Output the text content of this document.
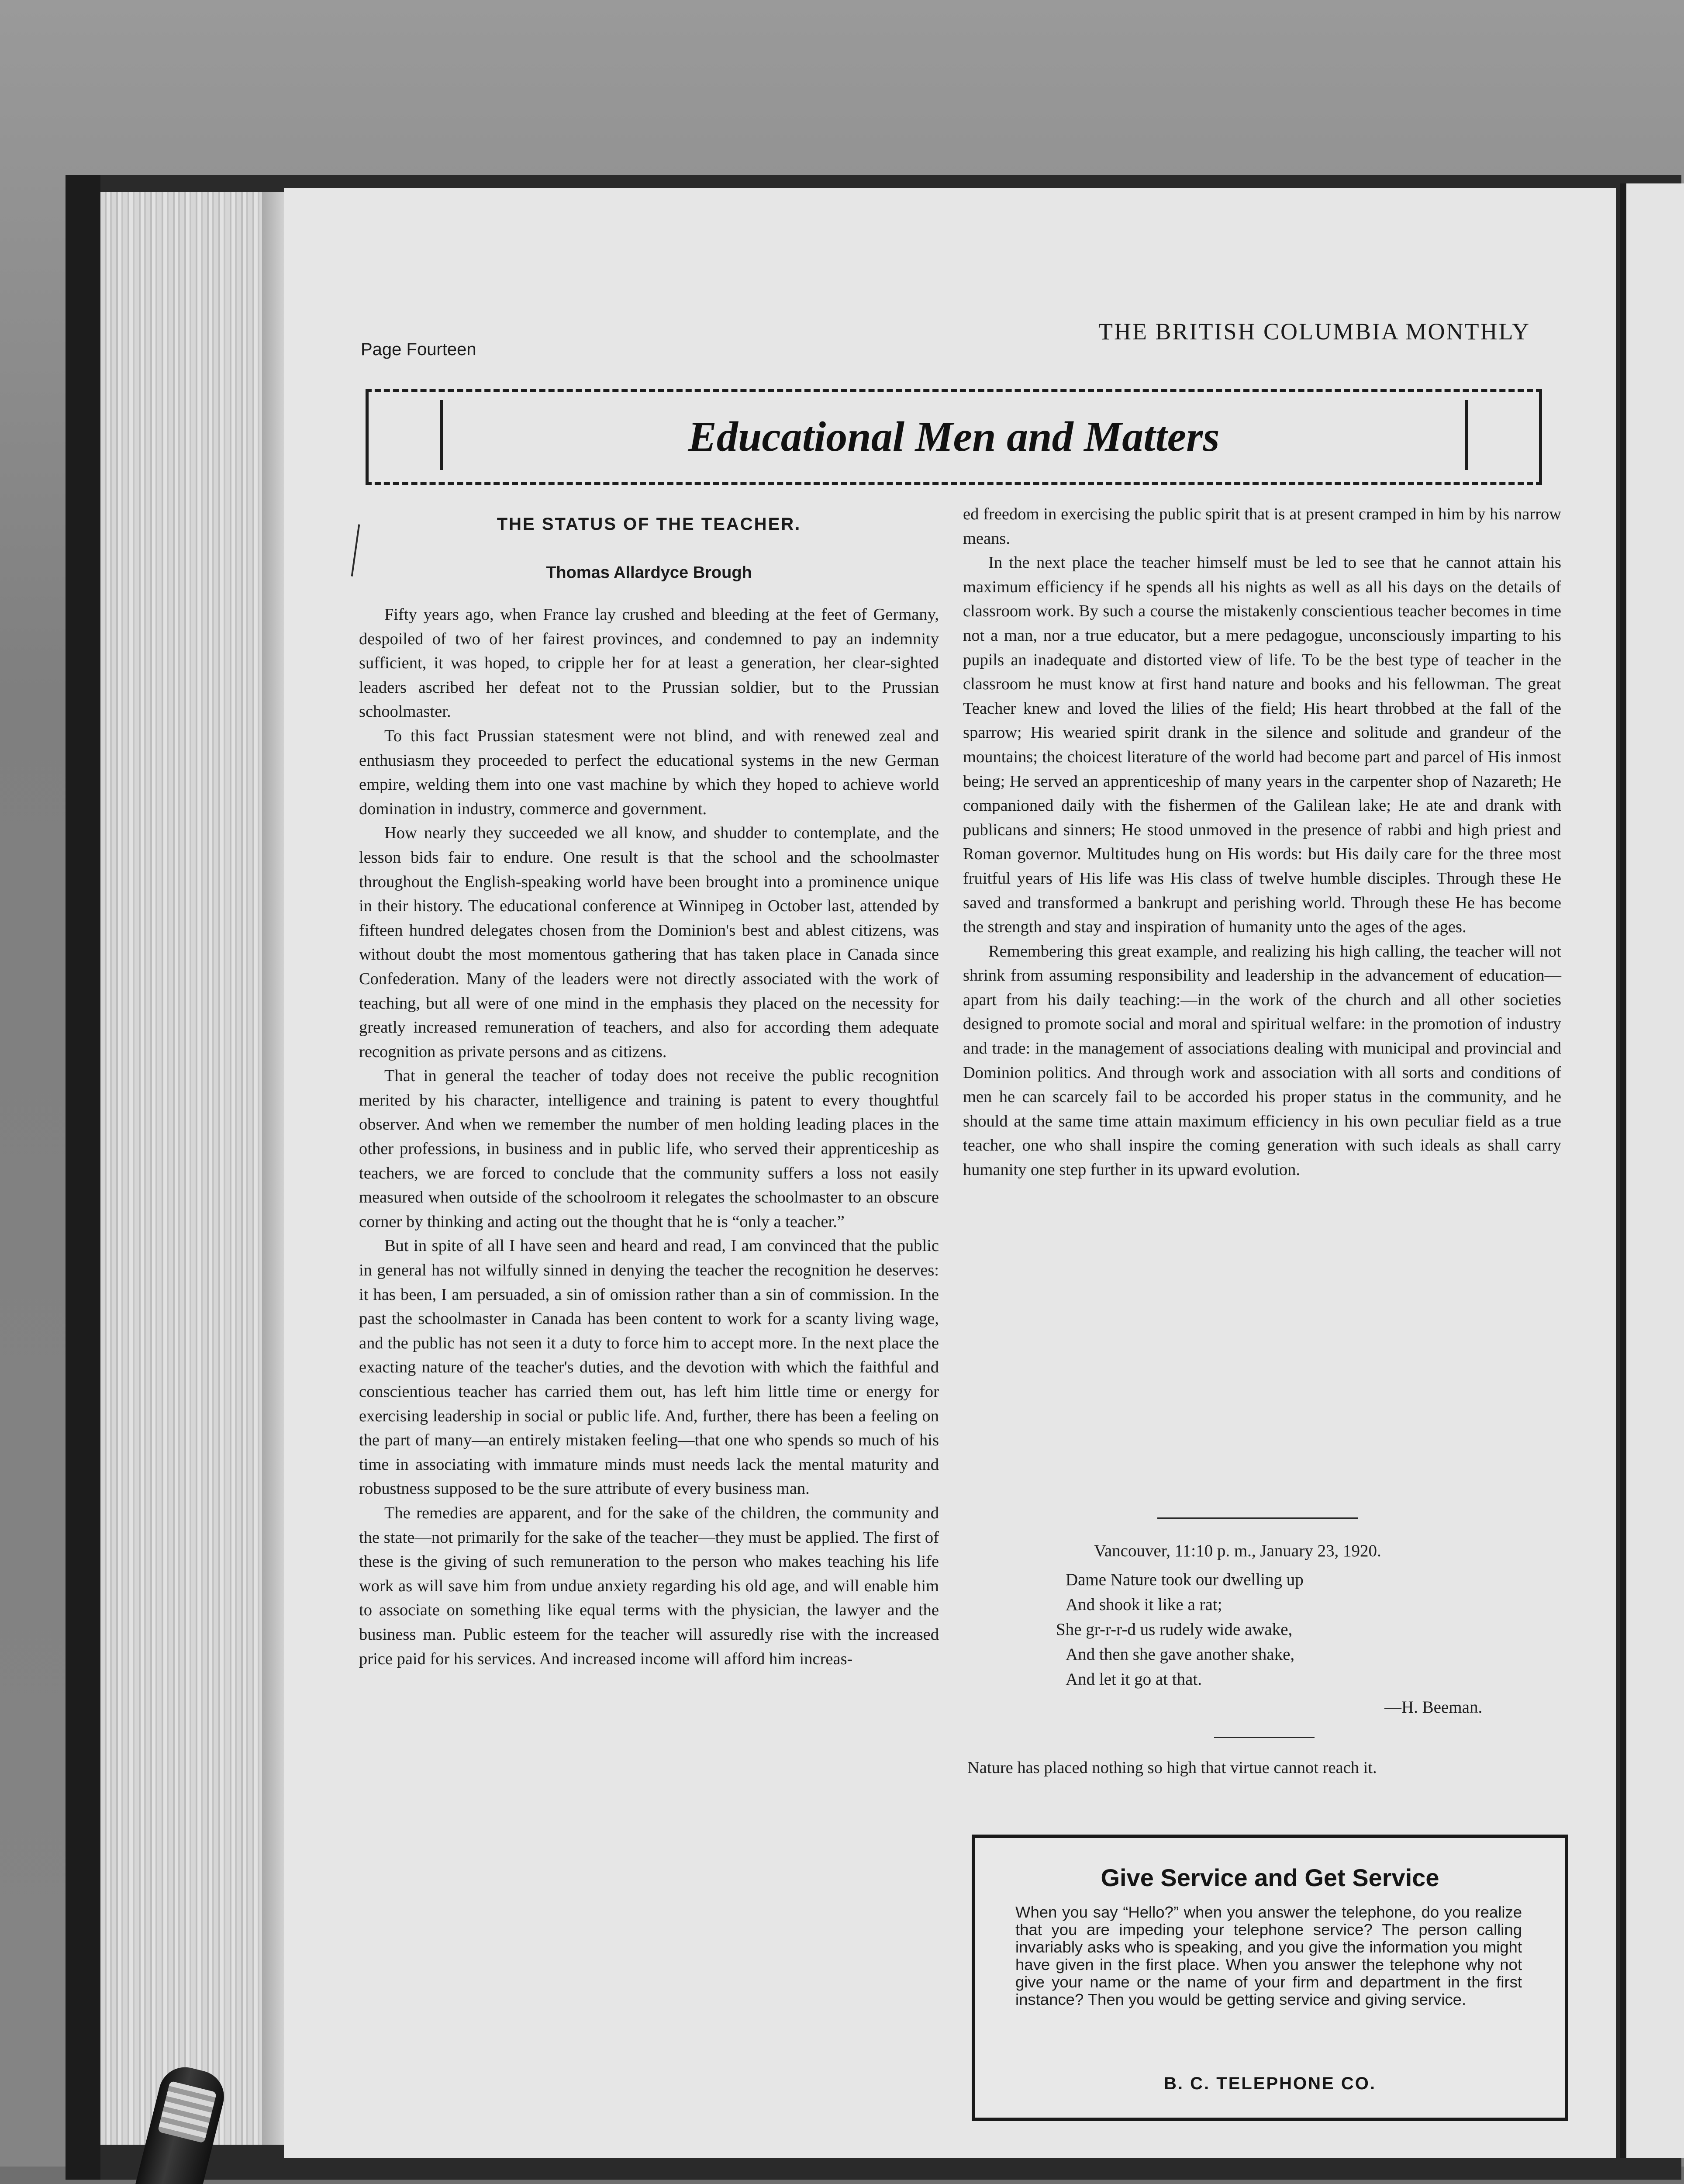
THE BRITISH COLUMBIA MONTHLY
Page Fourteen
Educational Men and Matters
THE STATUS OF THE TEACHER.
Thomas Allardyce Brough

Fifty years ago, when France lay crushed and bleeding at the feet of Germany, despoiled of two of her fairest provinces, and condemned to pay an indemnity sufficient, it was hoped, to cripple her for at least a generation, her clear-sighted leaders ascribed her defeat not to the Prussian soldier, but to the Prussian schoolmaster.

To this fact Prussian statesment were not blind, and with renewed zeal and enthusiasm they proceeded to perfect the educational systems in the new German empire, welding them into one vast machine by which they hoped to achieve world domination in industry, commerce and government.

How nearly they succeeded we all know, and shudder to contemplate, and the lesson bids fair to endure. One result is that the school and the schoolmaster throughout the English-speaking world have been brought into a prominence unique in their history. The educational conference at Winnipeg in October last, attended by fifteen hundred delegates chosen from the Dominion's best and ablest citizens, was without doubt the most momentous gathering that has taken place in Canada since Confederation. Many of the leaders were not directly associated with the work of teaching, but all were of one mind in the emphasis they placed on the necessity for greatly increased remuneration of teachers, and also for according them adequate recognition as private persons and as citizens.

That in general the teacher of today does not receive the public recognition merited by his character, intelligence and training is patent to every thoughtful observer. And when we remember the number of men holding leading places in the other professions, in business and in public life, who served their apprenticeship as teachers, we are forced to conclude that the community suffers a loss not easily measured when outside of the schoolroom it relegates the schoolmaster to an obscure corner by thinking and acting out the thought that he is “only a teacher.”

But in spite of all I have seen and heard and read, I am convinced that the public in general has not wilfully sinned in denying the teacher the recognition he deserves: it has been, I am persuaded, a sin of omission rather than a sin of commission. In the past the schoolmaster in Canada has been content to work for a scanty living wage, and the public has not seen it a duty to force him to accept more. In the next place the exacting nature of the teacher's duties, and the devotion with which the faithful and conscientious teacher has carried them out, has left him little time or energy for exercising leadership in social or public life. And, further, there has been a feeling on the part of many—an entirely mistaken feeling—that one who spends so much of his time in associating with immature minds must needs lack the mental maturity and robustness supposed to be the sure attribute of every business man.

The remedies are apparent, and for the sake of the children, the community and the state—not primarily for the sake of the teacher—they must be applied. The first of these is the giving of such remuneration to the person who makes teaching his life work as will save him from undue anxiety regarding his old age, and will enable him to associate on something like equal terms with the physician, the lawyer and the business man. Public esteem for the teacher will assuredly rise with the increased price paid for his services. And increased income will afford him increas-

ed freedom in exercising the public spirit that is at present cramped in him by his narrow means.

In the next place the teacher himself must be led to see that he cannot attain his maximum efficiency if he spends all his nights as well as all his days on the details of classroom work. By such a course the mistakenly conscientious teacher becomes in time not a man, nor a true educator, but a mere pedagogue, unconsciously imparting to his pupils an inadequate and distorted view of life. To be the best type of teacher in the classroom he must know at first hand nature and books and his fellowman. The great Teacher knew and loved the lilies of the field; His heart throbbed at the fall of the sparrow; His wearied spirit drank in the silence and solitude and grandeur of the mountains; the choicest literature of the world had become part and parcel of His inmost being; He served an apprenticeship of many years in the carpenter shop of Nazareth; He companioned daily with the fishermen of the Galilean lake; He ate and drank with publicans and sinners; He stood unmoved in the presence of rabbi and high priest and Roman governor. Multitudes hung on His words: but His daily care for the three most fruitful years of His life was His class of twelve humble disciples. Through these He saved and transformed a bankrupt and perishing world. Through these He has become the strength and stay and inspiration of humanity unto the ages of the ages.

Remembering this great example, and realizing his high calling, the teacher will not shrink from assuming responsibility and leadership in the advancement of education—apart from his daily teaching:—in the work of the church and all other societies designed to promote social and moral and spiritual welfare: in the promotion of industry and trade: in the management of associations dealing with municipal and provincial and Dominion politics. And through work and association with all sorts and conditions of men he can scarcely fail to be accorded his proper status in the community, and he should at the same time attain maximum efficiency in his own peculiar field as a true teacher, one who shall inspire the coming generation with such ideals as shall carry humanity one step further in its upward evolution.

Vancouver, 11:10 p. m., January 23, 1920.
Dame Nature took our dwelling up
And shook it like a rat;
She gr-r-r-d us rudely wide awake,
And then she gave another shake,
And let it go at that.
—H. Beeman.
Nature has placed nothing so high that virtue cannot reach it.
Give Service and Get Service
When you say “Hello?” when you answer the telephone, do you realize that you are impeding your telephone service? The person calling invariably asks who is speaking, and you give the information you might have given in the first place. When you answer the telephone why not give your name or the name of your firm and department in the first instance? Then you would be getting service and giving service.
B. C. TELEPHONE CO.
